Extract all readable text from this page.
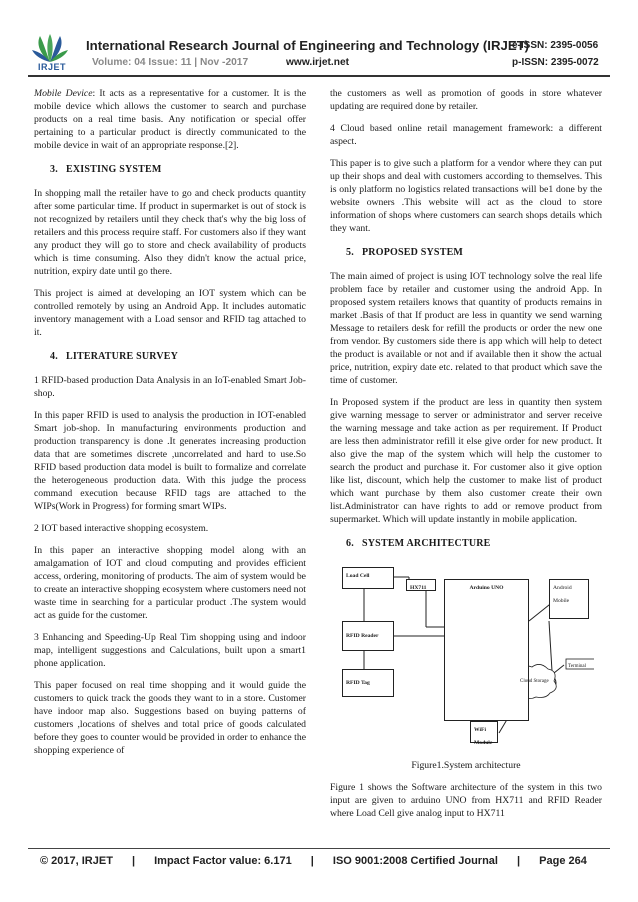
IRJET
International Research Journal of Engineering and Technology (IRJET)
e-ISSN: 2395-0056
Volume: 04 Issue: 11 | Nov -2017	www.irjet.net	p-ISSN: 2395-0072

Mobile Device: It acts as a representative for a customer. It is the mobile device which allows the customer to search and purchase products on a real time basis. Any notification or special offer pertaining to a particular product is directly communicated to the mobile device in wait of an appropriate response.[2].

3.   EXISTING SYSTEM

In shopping mall the retailer have to go and check products quantity after some particular time. If product in supermarket is out of stock is not recognized by retailers until they check that's why the big loss of retailers and this process require staff. For customers also if they want any product they will go to store and check availability of products which is time consuming. Also they didn't know the actual price, nutrition, expiry date until go there.

This project is aimed at developing an IOT system which can be controlled remotely by using an Android App. It includes automatic inventory management with a Load sensor and RFID tag attached to it.

4.   LITERATURE SURVEY

1 RFID-based production Data Analysis in an IoT-enabled Smart Job-shop.

In this paper RFID is used to analysis the production in IOT-enabled Smart job-shop. In manufacturing environments production and production transparency is done .It generates increasing production data that are sometimes discrete ,uncorrelated and hard to use.So RFID based production data model is built to formalize and correlate the heterogeneous production data. With this judge the process command execution because RFID tags are attached to the WIPs(Work in Progress) for forming smart WIPs.

2 IOT based interactive shopping ecosystem.

In this paper an interactive shopping model along with an amalgamation of IOT and cloud computing and provides efficient access, ordering, monitoring of products. The aim of system would be to create an interactive shopping ecosystem where customers need not waste time in searching for a particular product .The system would act as guide for the customer.

3 Enhancing and Speeding-Up Real Tim shopping using and indoor map, intelligent suggestions and Calculations, built upon a smart1 phone application.

This paper focused on real time shopping and it would guide the customers to quick track the goods they want to in a store. Customer have indoor map also. Suggestions based on buying patterns of customers ,locations of shelves and total price of goods calculated before they goes to counter would be provided in order to enhance the shopping experience of

the customers as well as promotion of goods in store whatever updating are required done by retailer.

4 Cloud based online retail management framework: a different aspect.

This paper is to give such a platform for a vendor where they can put up their shops and deal with customers according to themselves. This is only platform no logistics related transactions will be1 done by the website owners .This website will act as the cloud to store information of shops where customers can search shops details which they want.

5.   PROPOSED SYSTEM

The main aimed of project is using IOT technology solve the real life problem face by retailer and customer using the android App. In proposed system retailers knows that quantity of products remains in market .Basis of that If product are less in quantity we send warning Message to retailers desk for refill the products or order the new one from vendor. By customers side there is app which will help to detect the product is available or not and if available then it show the actual price, nutrition, expiry date etc. related to that product which save the time of customer.

In Proposed system if the product are less in quantity then system give warning message to server or administrator and server receive the warning message and take action as per requirement. If Product are less then administrator refill it else give order for new product. It also give the map of the system which will help the customer to search the product and purchase it. For customer also it give option like list, discount, which help the customer to make list of product which want purchase by them also customer create their own list.Administrator can have rights to add or remove product from supermarket. Which will update instantly in mobile application.

6.   SYSTEM ARCHITECTURE
Load Cell
HX711	Arduino UNO	Android Mobile
RFID Reader
RFID Tag
Terminal
Cloud Storage
WiFi Module

Figure1.System architecture

Figure 1 shows the Software architecture of the system in this two input are given to arduino UNO from HX711 and RFID Reader where Load Cell give analog input to HX711

© 2017, IRJET | Impact Factor value: 6.171 | ISO 9001:2008 Certified Journal | Page 264
